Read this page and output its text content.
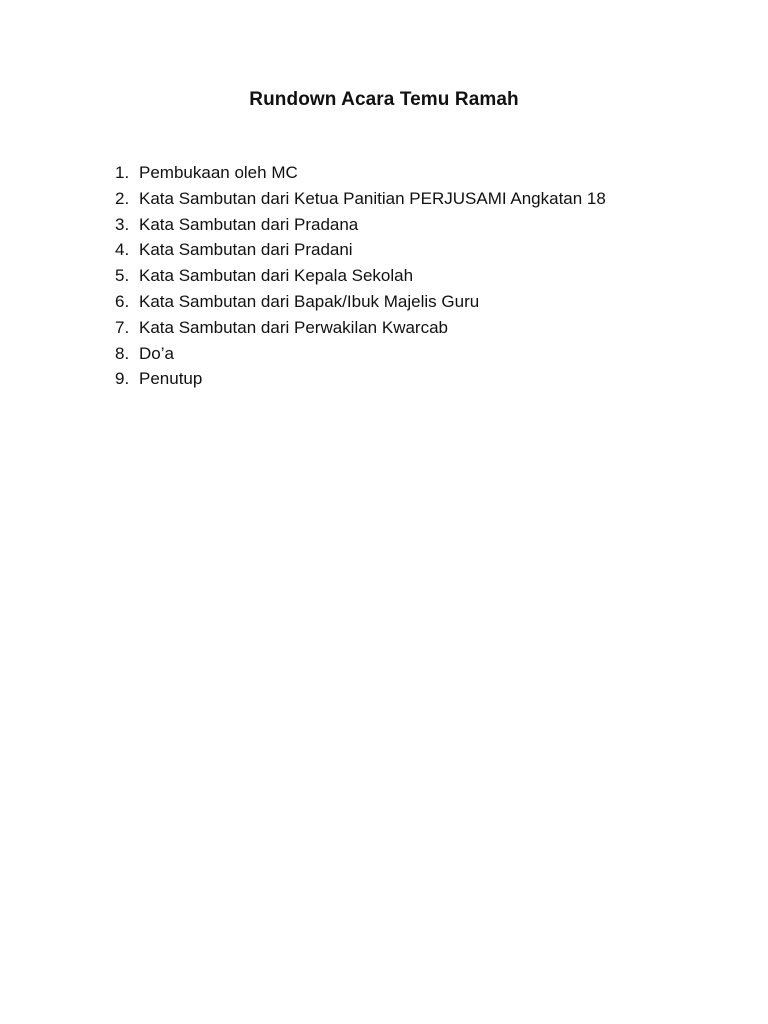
Rundown Acara Temu Ramah
1. Pembukaan oleh MC
2. Kata Sambutan dari Ketua Panitian PERJUSAMI Angkatan 18
3. Kata Sambutan dari Pradana
4. Kata Sambutan dari Pradani
5. Kata Sambutan dari Kepala Sekolah
6. Kata Sambutan dari Bapak/Ibuk Majelis Guru
7. Kata Sambutan dari Perwakilan Kwarcab
8. Do’a
9. Penutup
